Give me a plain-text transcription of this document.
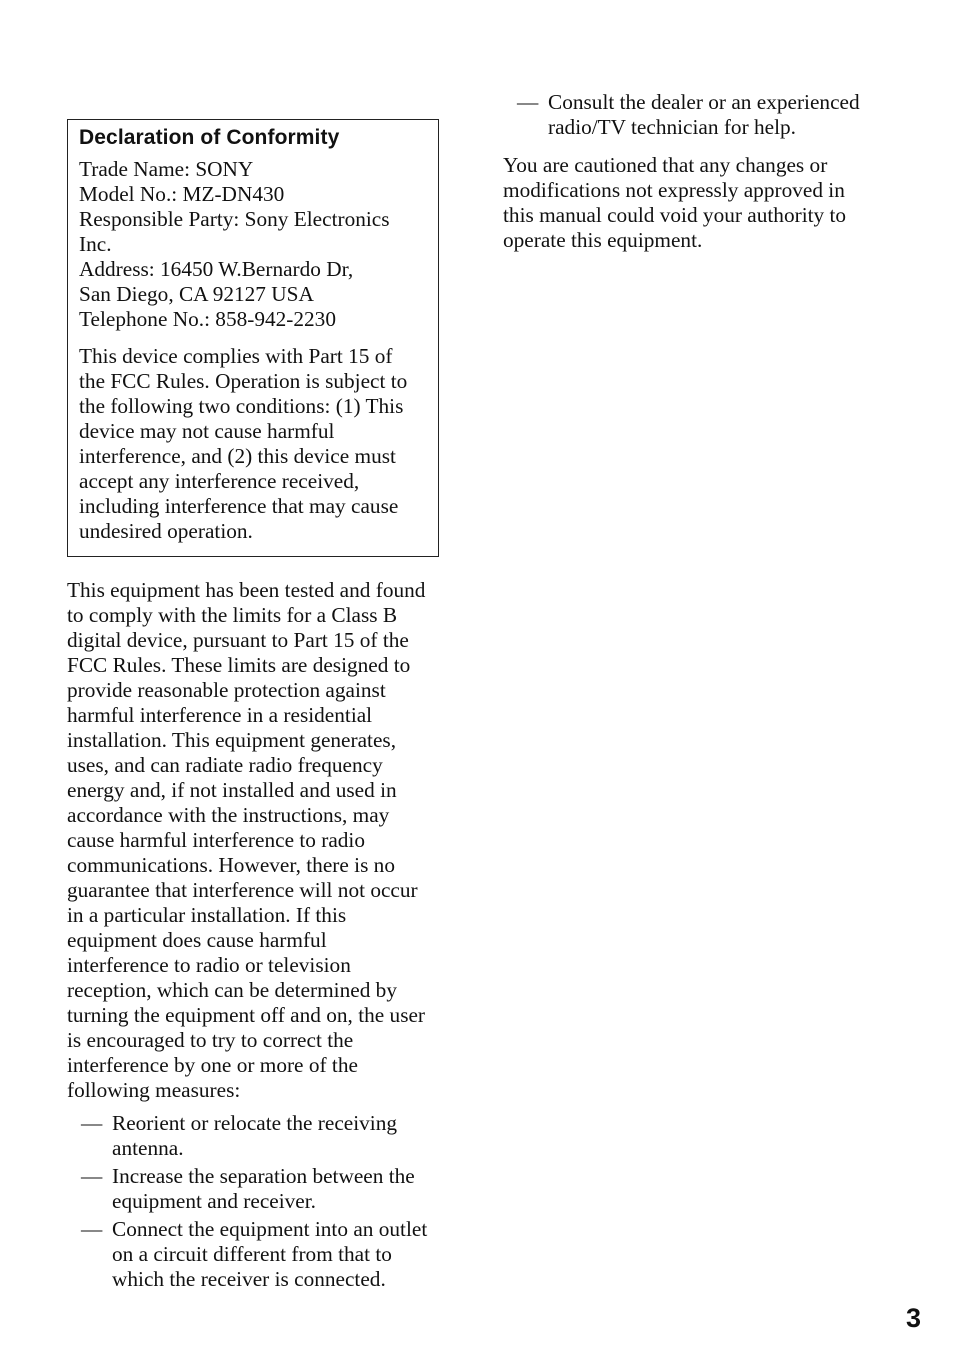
Declaration of Conformity

Trade Name: SONY

Model No.: MZ-DN430

Responsible Party: Sony Electronics

Inc.

Address: 16450 W.Bernardo Dr,

San Diego, CA 92127 USA

Telephone No.: 858-942-2230

This device complies with Part 15 of

the FCC Rules. Operation is subject to

the following two conditions: (1) This

device may not cause harmful

interference, and (2) this device must

accept any interference received,

including interference that may cause

undesired operation.

This equipment has been tested and found

to comply with the limits for a Class B

digital device, pursuant to Part 15 of the

FCC Rules. These limits are designed to

provide reasonable protection against

harmful interference in a residential

installation. This equipment generates,

uses, and can radiate radio frequency

energy and, if not installed and used in

accordance with the instructions, may

cause harmful interference to radio

communications. However, there is no

guarantee that interference will not occur

in a particular installation. If this

equipment does cause harmful

interference to radio or television

reception, which can be determined by

turning the equipment off and on, the user

is encouraged to try to correct the

interference by one or more of the

following measures:

— Reorient or relocate the receiving

antenna.

— Increase the separation between the

equipment and receiver.

— Connect the equipment into an outlet

on a circuit different from that to

which the receiver is connected.

— Consult the dealer or an experienced

radio/TV technician for help.

You are cautioned that any changes or

modifications not expressly approved in

this manual could void your authority to

operate this equipment.

3
